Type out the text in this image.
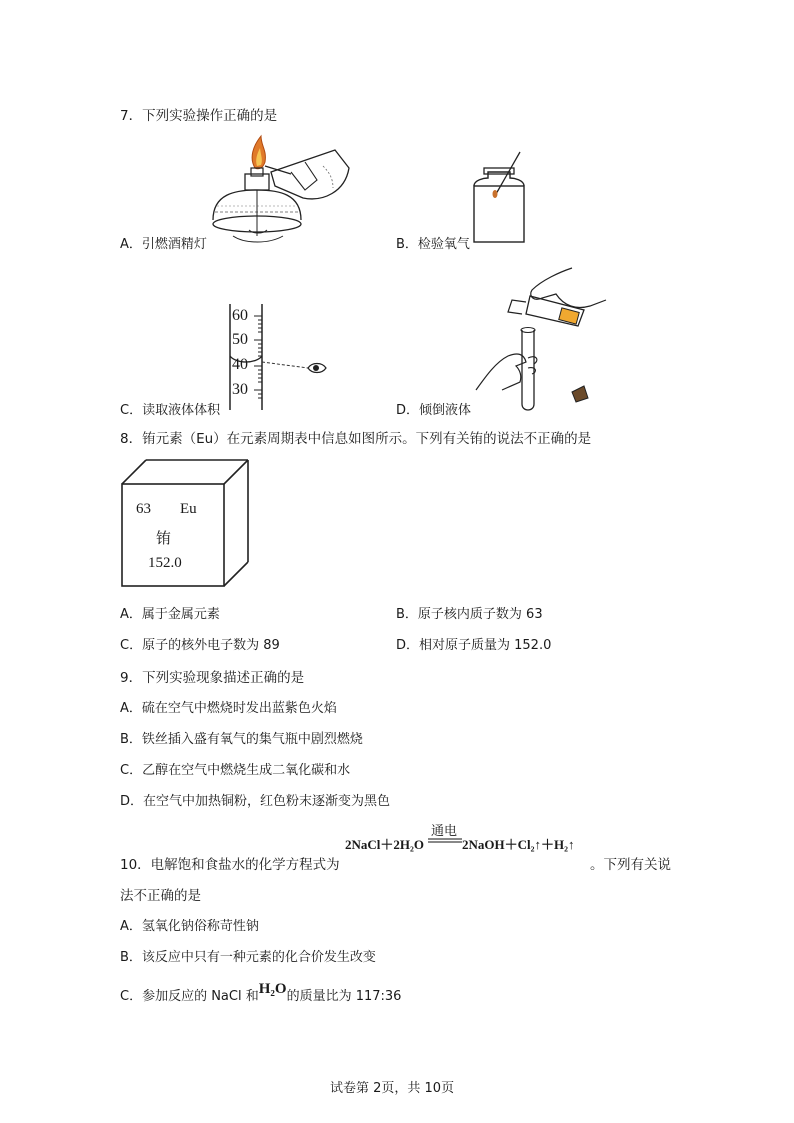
7．下列实验操作正确的是
A．引燃酒精灯	B．检验氧气
60
50
40
30
C．读取液体体积	D．倾倒液体
8．铕元素（Eu）在元素周期表中信息如图所示。下列有关铕的说法不正确的是
63 Eu
铕
152.0
A．属于金属元素	B．原子核内质子数为 63
C．原子的核外电子数为 89	D．相对原子质量为 152.0
9．下列实验现象描述正确的是
A．硫在空气中燃烧时发出蓝紫色火焰
B．铁丝插入盛有氧气的集气瓶中剧烈燃烧
C．乙醇在空气中燃烧生成二氧化碳和水
D．在空气中加热铜粉，红色粉末逐渐变为黑色
10．电解饱和食盐水的化学方程式为
2NaCl＋2H₂O
通电
2NaOH＋Cl₂↑＋H₂↑
。下列有关说
法不正确的是
A．氢氧化钠俗称苛性钠
B．该反应中只有一种元素的化合价发生改变
C．参加反应的 NaCl 和H₂O的质量比为 117:36
试卷第 2页，共 10页
